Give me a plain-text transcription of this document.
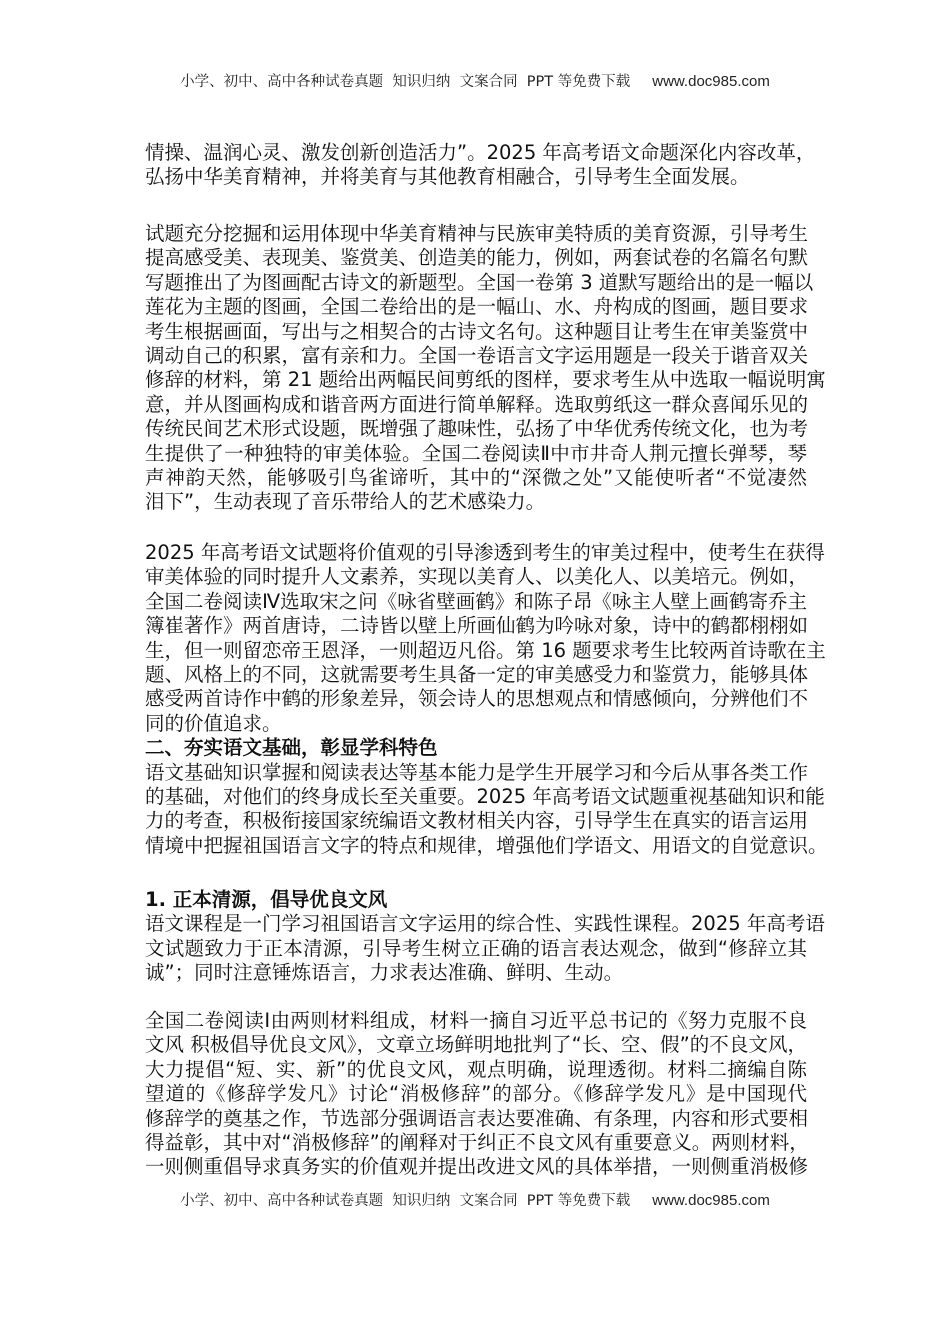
小学、初中、高中各种试卷真题  知识归纳  文案合同  PPT 等免费下载 www.doc985.com
情操、温润心灵、激发创新创造活力”。2025 年高考语文命题深化内容改革，
弘扬中华美育精神，并将美育与其他教育相融合，引导考生全面发展。
试题充分挖掘和运用体现中华美育精神与民族审美特质的美育资源，引导考生
提高感受美、表现美、鉴赏美、创造美的能力，例如，两套试卷的名篇名句默
写题推出了为图画配古诗文的新题型。全国一卷第 3 道默写题给出的是一幅以
莲花为主题的图画，全国二卷给出的是一幅山、水、舟构成的图画，题目要求
考生根据画面，写出与之相契合的古诗文名句。这种题目让考生在审美鉴赏中
调动自己的积累，富有亲和力。全国一卷语言文字运用题是一段关于谐音双关
修辞的材料，第 21 题给出两幅民间剪纸的图样，要求考生从中选取一幅说明寓
意，并从图画构成和谐音两方面进行简单解释。选取剪纸这一群众喜闻乐见的
传统民间艺术形式设题，既增强了趣味性，弘扬了中华优秀传统文化，也为考
生提供了一种独特的审美体验。全国二卷阅读Ⅱ中市井奇人荆元擅长弹琴，琴
声神韵天然，能够吸引鸟雀谛听，其中的“深微之处”又能使听者“不觉凄然
泪下”，生动表现了音乐带给人的艺术感染力。
2025 年高考语文试题将价值观的引导渗透到考生的审美过程中，使考生在获得
审美体验的同时提升人文素养，实现以美育人、以美化人、以美培元。例如，
全国二卷阅读Ⅳ选取宋之问《咏省壁画鹤》和陈子昂《咏主人壁上画鹤寄乔主
簿崔著作》两首唐诗，二诗皆以壁上所画仙鹤为吟咏对象，诗中的鹤都栩栩如
生，但一则留恋帝王恩泽，一则超迈凡俗。第 16 题要求考生比较两首诗歌在主
题、风格上的不同，这就需要考生具备一定的审美感受力和鉴赏力，能够具体
感受两首诗作中鹤的形象差异，领会诗人的思想观点和情感倾向，分辨他们不
同的价值追求。
二、夯实语文基础，彰显学科特色
语文基础知识掌握和阅读表达等基本能力是学生开展学习和今后从事各类工作
的基础，对他们的终身成长至关重要。2025 年高考语文试题重视基础知识和能
力的考查，积极衔接国家统编语文教材相关内容，引导学生在真实的语言运用
情境中把握祖国语言文字的特点和规律，增强他们学语文、用语文的自觉意识。
1. 正本清源，倡导优良文风
语文课程是一门学习祖国语言文字运用的综合性、实践性课程。2025 年高考语
文试题致力于正本清源，引导考生树立正确的语言表达观念，做到“修辞立其
诚”；同时注意锤炼语言，力求表达准确、鲜明、生动。
全国二卷阅读Ⅰ由两则材料组成，材料一摘自习近平总书记的《努力克服不良
文风 积极倡导优良文风》，文章立场鲜明地批判了“长、空、假”的不良文风，
大力提倡“短、实、新”的优良文风，观点明确，说理透彻。材料二摘编自陈
望道的《修辞学发凡》讨论“消极修辞”的部分。《修辞学发凡》是中国现代
修辞学的奠基之作，节选部分强调语言表达要准确、有条理，内容和形式要相
得益彰，其中对“消极修辞”的阐释对于纠正不良文风有重要意义。两则材料，
一则侧重倡导求真务实的价值观并提出改进文风的具体举措，一则侧重消极修
小学、初中、高中各种试卷真题  知识归纳  文案合同  PPT 等免费下载 www.doc985.com
